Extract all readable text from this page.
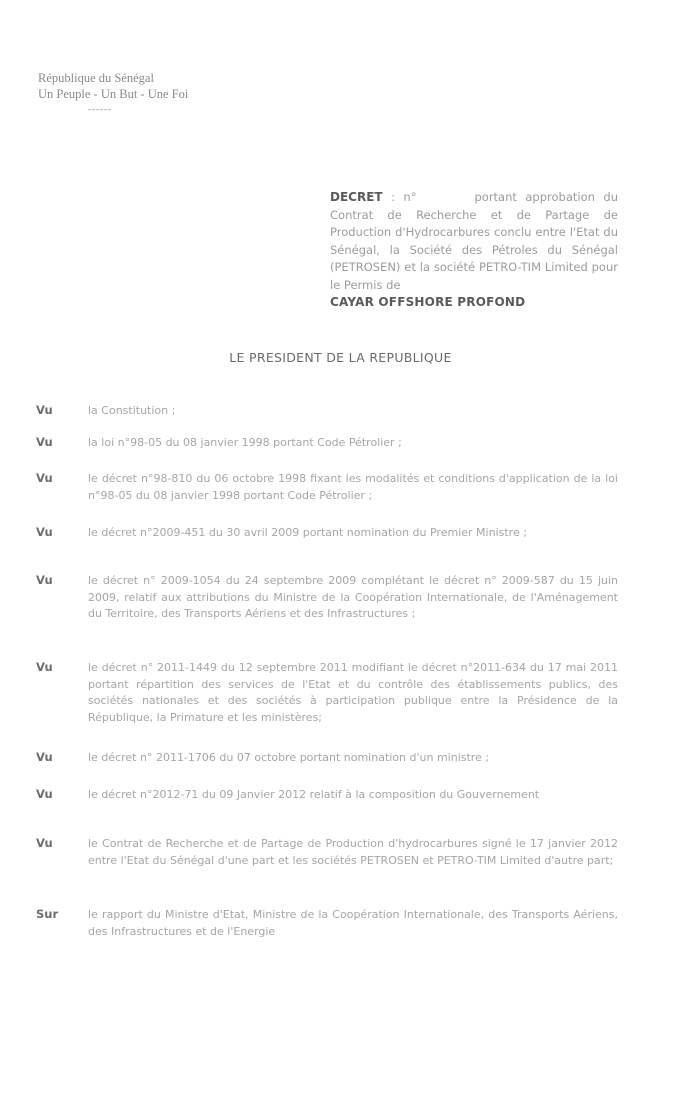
République du Sénégal
Un Peuple - Un But - Une Foi
------
DECRET : n°	portant approbation du Contrat de Recherche et de Partage de Production d'Hydrocarbures conclu entre l'Etat du Sénégal, la Société des Pétroles du Sénégal (PETROSEN) et la société PETRO-TIM Limited pour le Permis de
CAYAR OFFSHORE PROFOND
LE PRESIDENT DE LA REPUBLIQUE
Vu	la Constitution ;
Vu	la loi n°98-05 du 08 janvier 1998 portant Code Pétrolier ;
Vu	le décret n°98-810 du 06 octobre 1998 fixant les modalités et conditions d'application de la loi n°98-05 du 08 janvier 1998 portant Code Pétrolier ;
Vu	le décret n°2009-451 du 30 avril 2009 portant nomination du Premier Ministre ;
Vu	le décret n° 2009-1054 du 24 septembre 2009 complétant le décret n° 2009-587 du 15 juin 2009, relatif aux attributions du Ministre de la Coopération Internationale, de l'Aménagement du Territoire, des Transports Aériens et des Infrastructures ;
Vu	le décret n° 2011-1449 du 12 septembre 2011 modifiant le décret n°2011-634 du 17 mai 2011 portant répartition des services de l'Etat et du contrôle des établissements publics, des sociétés nationales et des sociétés à participation publique entre la Présidence de la République, la Primature et les ministères;
Vu	le décret n° 2011-1706 du 07 octobre portant nomination d'un ministre ;
Vu	le décret n°2012-71 du 09 Janvier 2012 relatif à la composition du Gouvernement
Vu	le Contrat de Recherche et de Partage de Production d'hydrocarbures signé le 17 janvier 2012 entre l'Etat du Sénégal d'une part et les sociétés PETROSEN et PETRO-TIM Limited d'autre part;
Sur	le rapport du Ministre d'Etat, Ministre de la Coopération Internationale, des Transports Aériens, des Infrastructures et de l'Energie
